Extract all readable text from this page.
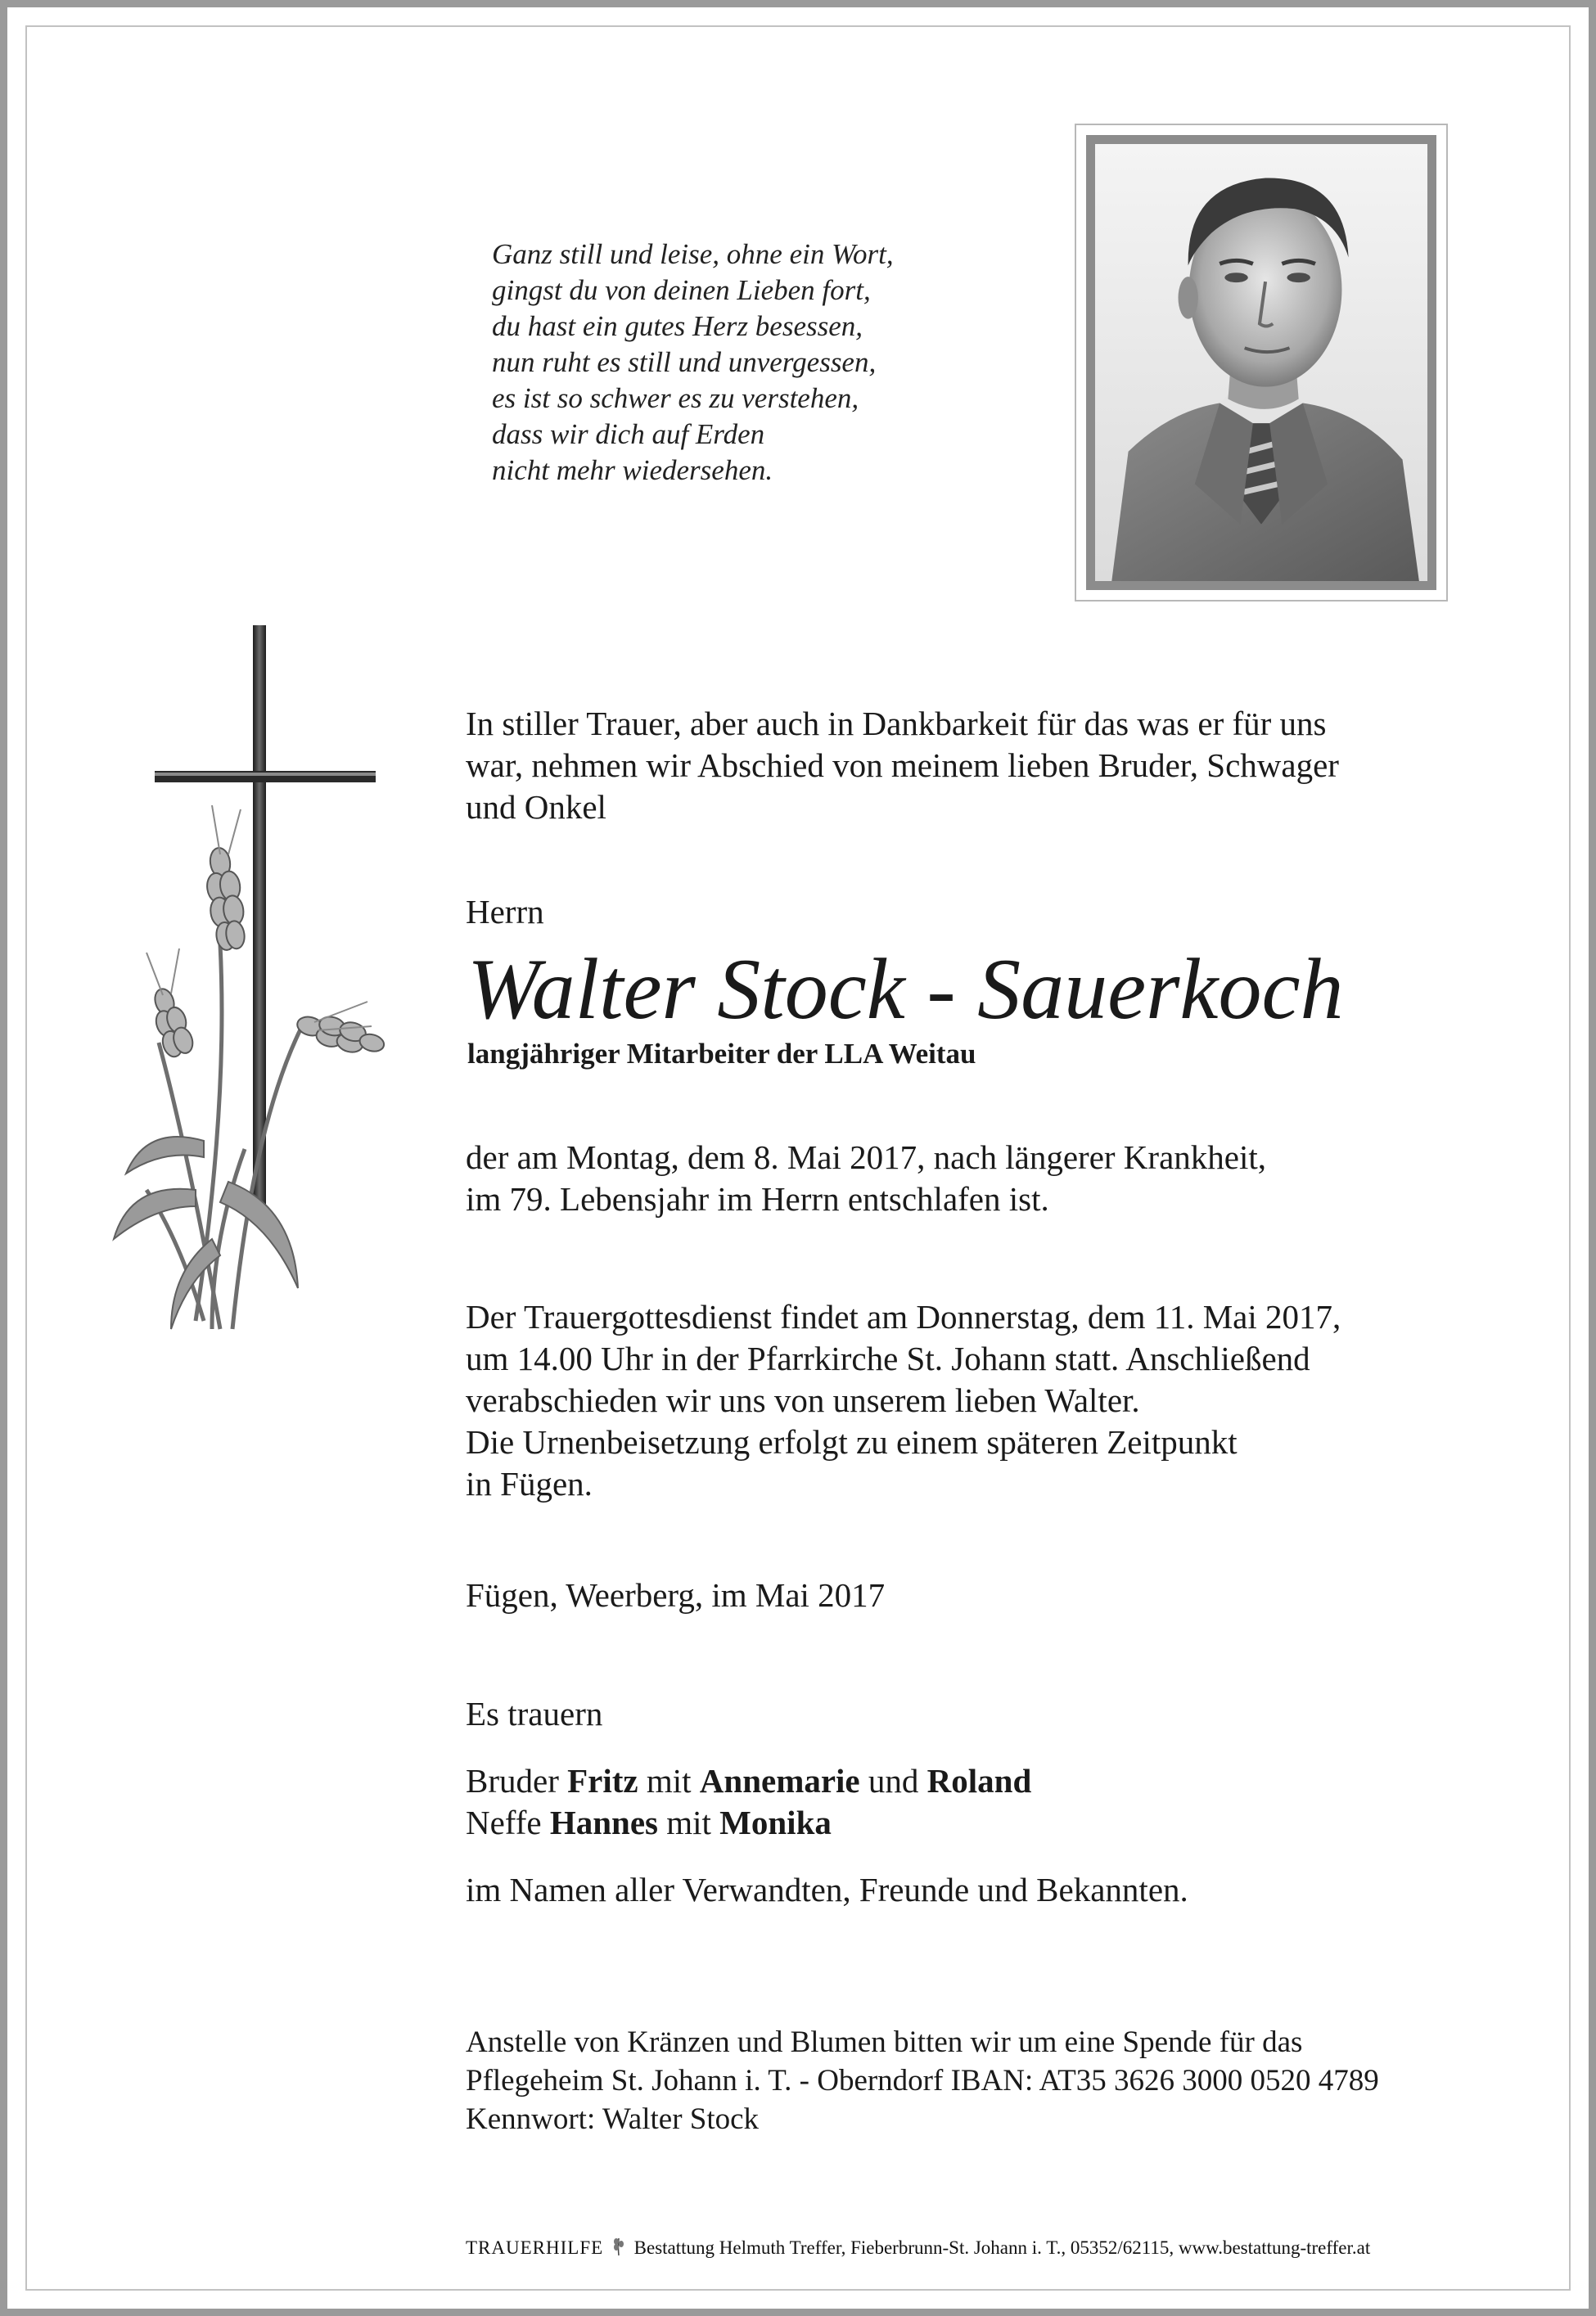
Ganz still und leise, ohne ein Wort,
gingst du von deinen Lieben fort,
du hast ein gutes Herz besessen,
nun ruht es still und unvergessen,
es ist so schwer es zu verstehen,
dass wir dich auf Erden
nicht mehr wiedersehen.
In stiller Trauer, aber auch in Dankbarkeit für das was er für uns
war, nehmen wir Abschied von meinem lieben Bruder, Schwager
und Onkel
Herrn
Walter Stock - Sauerkoch
langjähriger Mitarbeiter der LLA Weitau
der am Montag, dem 8. Mai 2017, nach längerer Krankheit,
im 79. Lebensjahr im Herrn entschlafen ist.
Der Trauergottesdienst findet am Donnerstag, dem 11. Mai 2017,
um 14.00 Uhr in der Pfarrkirche St. Johann statt. Anschließend
verabschieden wir uns von unserem lieben Walter.
Die Urnenbeisetzung erfolgt zu einem späteren Zeitpunkt
in Fügen.
Fügen, Weerberg, im Mai 2017
Es trauern
Bruder Fritz mit Annemarie und Roland
Neffe Hannes mit Monika
im Namen aller Verwandten, Freunde und Bekannten.
Anstelle von Kränzen und Blumen bitten wir um eine Spende für das
Pflegeheim St. Johann i. T. - Oberndorf IBAN: AT35 3626 3000 0520 4789
Kennwort: Walter Stock
TRAUERHILFE Bestattung Helmuth Treffer, Fieberbrunn-St. Johann i. T., 05352/62115, www.bestattung-treffer.at
